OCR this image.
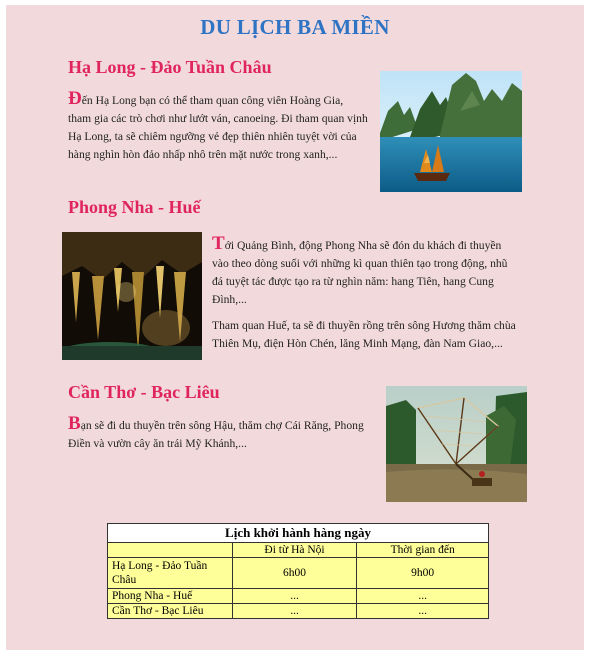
DU LỊCH BA MIỀN
Hạ Long - Đảo Tuần Châu

Đến Hạ Long bạn có thể tham quan công viên Hoàng Gia, tham gia các trò chơi như lướt ván, canoeing. Đi tham quan vịnh Hạ Long, ta sẽ chiêm ngưỡng vẻ đẹp thiên nhiên tuyệt vời của hàng nghìn hòn đảo nhấp nhô trên mặt nước trong xanh,...

Phong Nha - Huế

Tới Quảng Bình, động Phong Nha sẽ đón du khách đi thuyền vào theo dòng suối với những kì quan thiên tạo trong động, nhũ đá tuyệt tác được tạo ra từ nghìn năm: hang Tiên, hang Cung Đình,...

Tham quan Huế, ta sẽ đi thuyền rồng trên sông Hương thăm chùa Thiên Mụ, điện Hòn Chén, lăng Minh Mạng, đàn Nam Giao,...

Cần Thơ - Bạc Liêu

Bạn sẽ đi du thuyền trên sông Hậu, thăm chợ Cái Răng, Phong Điền và vườn cây ăn trái Mỹ Khánh,...

Lịch khởi hành hàng ngày		
	Đi từ Hà Nội	Thời gian đến
Hạ Long - Đảo Tuần Châu	6h00	9h00
Phong Nha - Huế	...	...
Cần Thơ - Bạc Liêu	...	...
